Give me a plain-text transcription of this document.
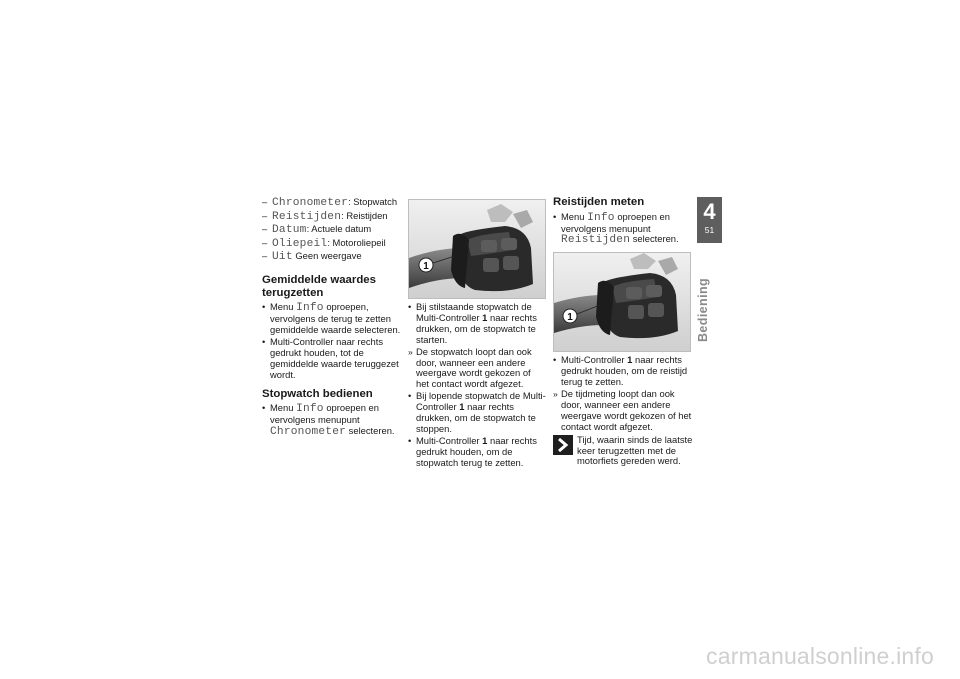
– Chronometer: Stopwatch
– Reistijden: Reistijden
– Datum: Actuele datum
– Oliepeil: Motoroliepeil
– Uit Geen weergave
Gemiddelde waardes terugzetten
• Menu Info oproepen, vervolgens de terug te zetten gemiddelde waarde selecteren.
• Multi-Controller naar rechts gedrukt houden, tot de gemiddelde waarde teruggezet wordt.
Stopwatch bedienen
• Menu Info oproepen en vervolgens menupunt Chronometer selecteren.
1
• Bij stilstaande stopwatch de Multi-Controller 1 naar rechts drukken, om de stopwatch te starten.
» De stopwatch loopt dan ook door, wanneer een andere weergave wordt gekozen of het contact wordt afgezet.
• Bij lopende stopwatch de Multi-Controller 1 naar rechts drukken, om de stopwatch te stoppen.
• Multi-Controller 1 naar rechts gedrukt houden, om de stopwatch terug te zetten.
Reistijden meten
• Menu Info oproepen en vervolgens menupunt Reistijden selecteren.
1
• Multi-Controller 1 naar rechts gedrukt houden, om de reistijd terug te zetten.
» De tijdmeting loopt dan ook door, wanneer een andere weergave wordt gekozen of het contact wordt afgezet.

Tijd, waarin sinds de laatste keer terugzetten met de motorfiets gereden werd.

4
51
Bediening
carmanualsonline.info
